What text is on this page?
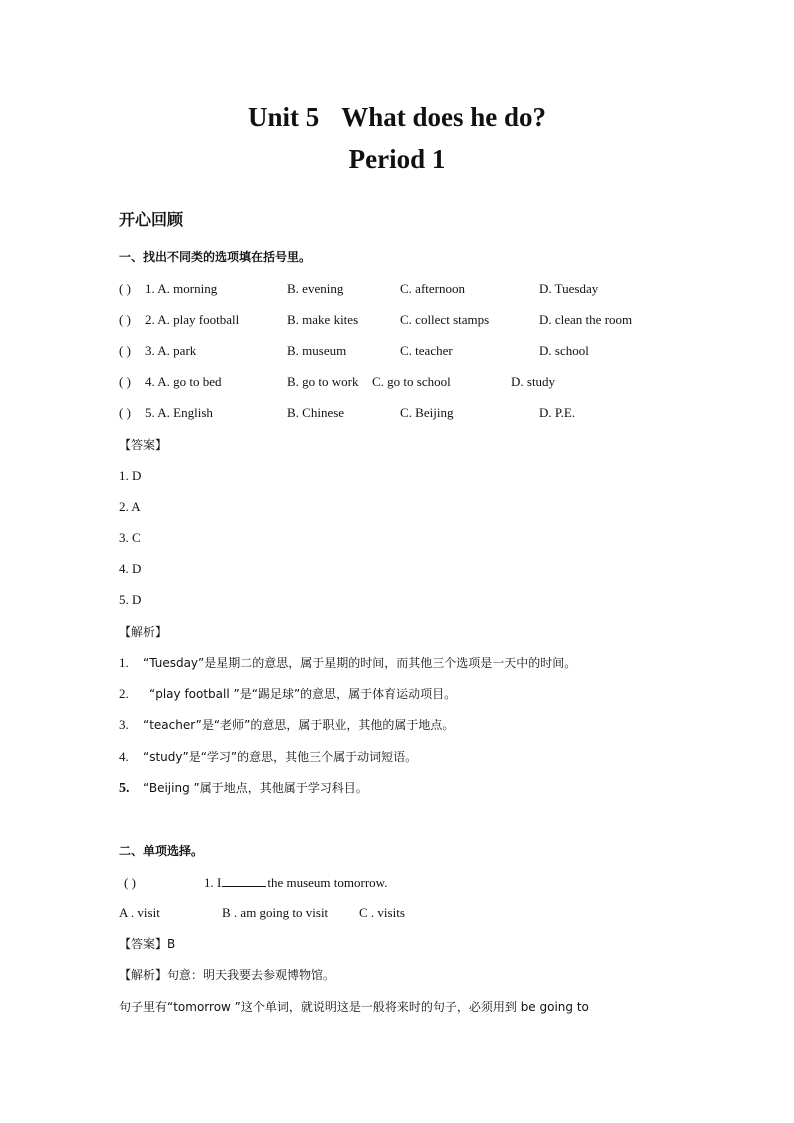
Unit 5 What does he do?
Period 1
开心回顾
一、找出不同类的选项填在括号里。
( ) 1. A. morning	B. evening	C. afternoon	D. Tuesday
( ) 2. A. play football	B. make kites	C. collect stamps	D. clean the room
( ) 3. A. park	B. museum	C. teacher	D. school
( ) 4. A. go to bed	B. go to work C. go to school	D. study
( ) 5. A. English	B. Chinese	C. Beijing	D. P.E.
【答案】
1. D
2. A
3. C
4. D
5. D
【解析】
1. “Tuesday”是星期二的意思，属于星期的时间，而其他三个选项是一天中的时间。
2. “play football ”是“踢足球”的意思，属于体育运动项目。
3. “teacher”是“老师”的意思，属于职业，其他的属于地点。
4. “study”是“学习”的意思，其他三个属于动词短语。
5. “Beijing ”属于地点，其他属于学习科目。
二、单项选择。
( )	1. I	the museum tomorrow.
A . visit	B . am going to visit C . visits
【答案】B
【解析】句意：明天我要去参观博物馆。
句子里有“tomorrow ”这个单词，就说明这是一般将来时的句子，必须用到 be going to
